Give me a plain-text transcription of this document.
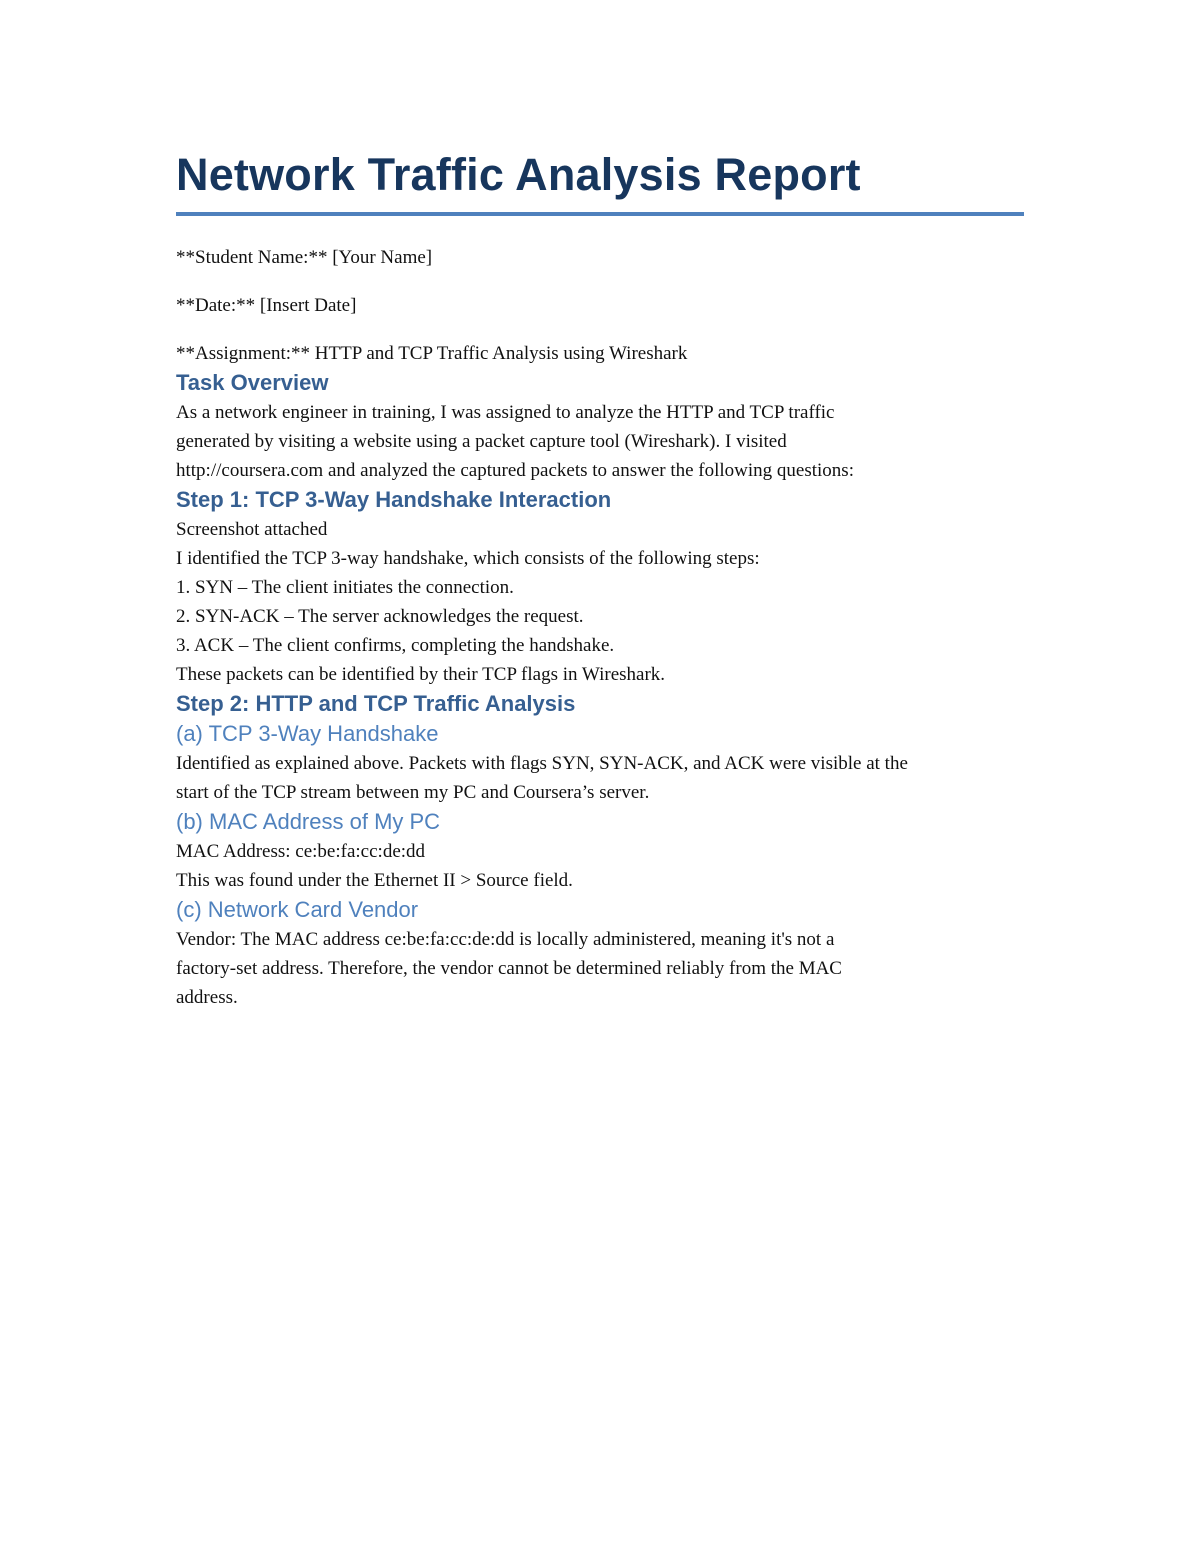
Network Traffic Analysis Report

**Student Name:** [Your Name]

**Date:** [Insert Date]

**Assignment:** HTTP and TCP Traffic Analysis using Wireshark

Task Overview

As a network engineer in training, I was assigned to analyze the HTTP and TCP traffic
generated by visiting a website using a packet capture tool (Wireshark). I visited
http://coursera.com and analyzed the captured packets to answer the following questions:

Step 1: TCP 3-Way Handshake Interaction

Screenshot attached
I identified the TCP 3-way handshake, which consists of the following steps:
1. SYN – The client initiates the connection.
2. SYN-ACK – The server acknowledges the request.
3. ACK – The client confirms, completing the handshake.

These packets can be identified by their TCP flags in Wireshark.

Step 2: HTTP and TCP Traffic Analysis
(a) TCP 3-Way Handshake

Identified as explained above. Packets with flags SYN, SYN-ACK, and ACK were visible at the
start of the TCP stream between my PC and Coursera’s server.

(b) MAC Address of My PC

MAC Address: ce:be:fa:cc:de:dd
This was found under the Ethernet II > Source field.

(c) Network Card Vendor

Vendor: The MAC address ce:be:fa:cc:de:dd is locally administered, meaning it's not a
factory-set address. Therefore, the vendor cannot be determined reliably from the MAC
address.
